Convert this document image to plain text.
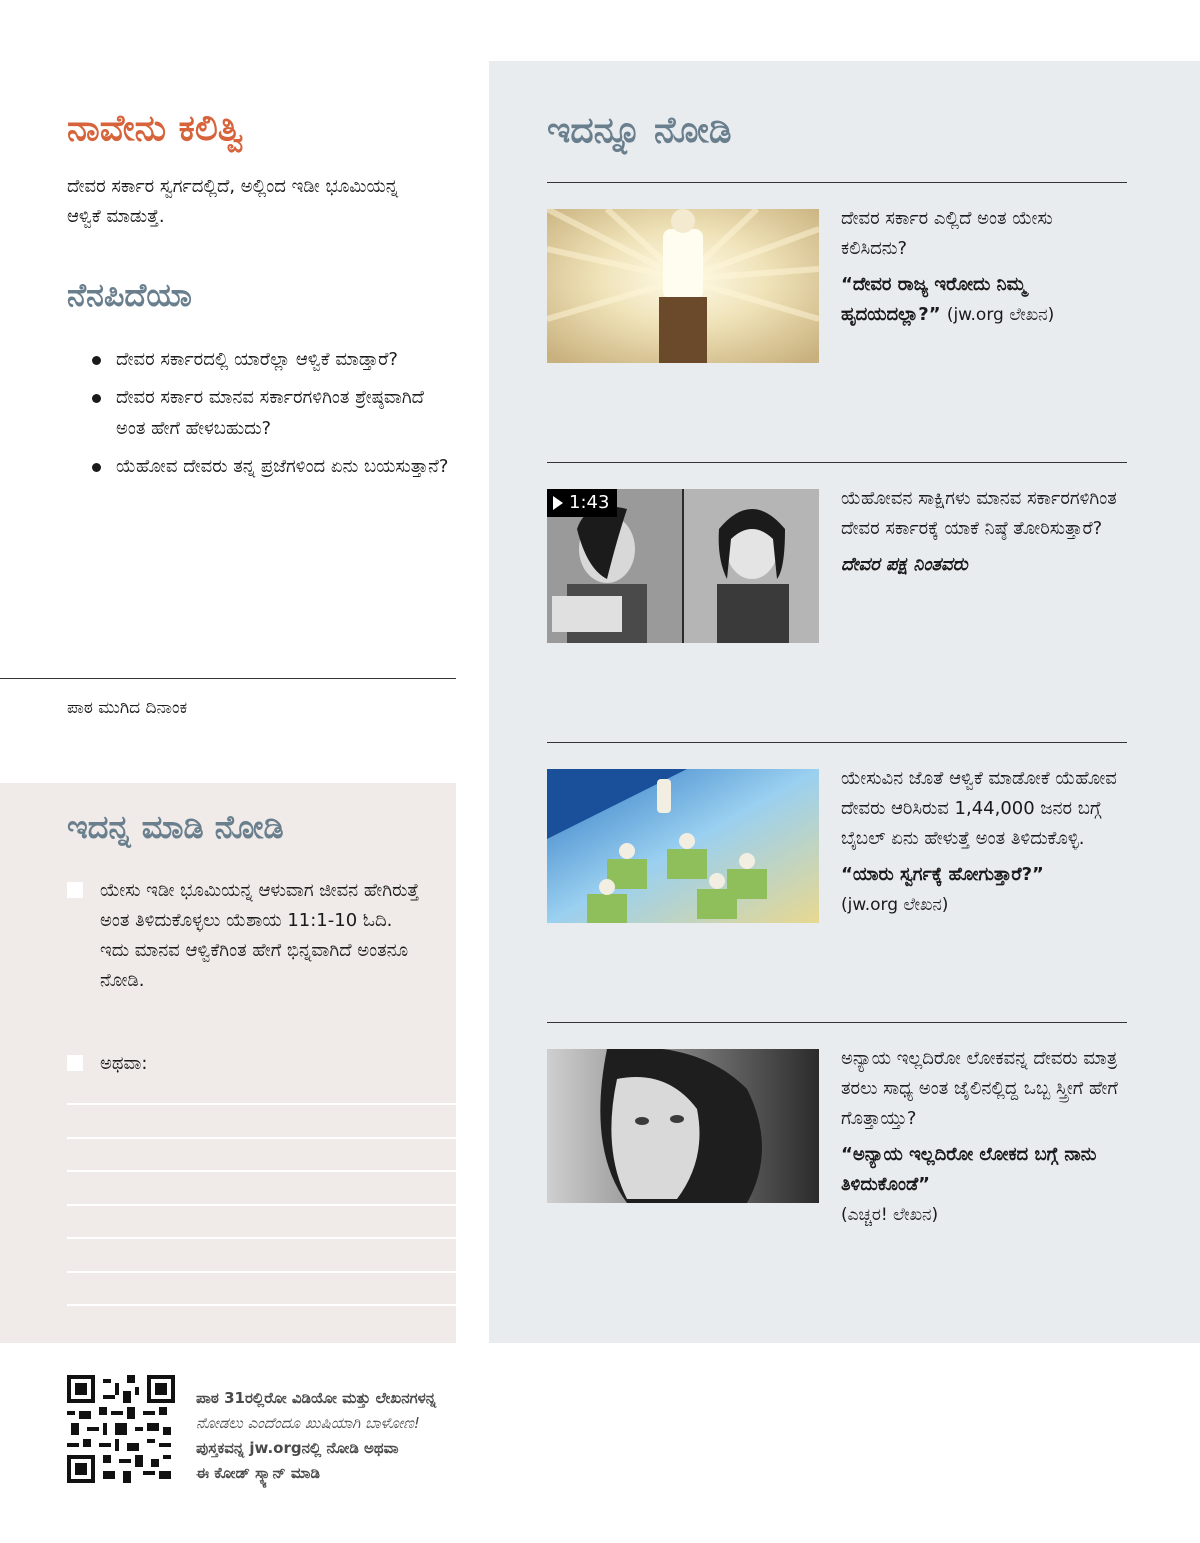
ನಾವೇನು ಕಲಿತ್ವಿ

ದೇವರ ಸರ್ಕಾರ ಸ್ವರ್ಗದಲ್ಲಿದೆ, ಅಲ್ಲಿಂದ ಇಡೀ ಭೂಮಿಯನ್ನ ಆಳ್ವಿಕೆ ಮಾಡುತ್ತೆ.

ನೆನಪಿದೆಯಾ
ದೇವರ ಸರ್ಕಾರದಲ್ಲಿ ಯಾರೆಲ್ಲಾ ಆಳ್ವಿಕೆ ಮಾಡ್ತಾರೆ?
ದೇವರ ಸರ್ಕಾರ ಮಾನವ ಸರ್ಕಾರಗಳಿಗಿಂತ ಶ್ರೇಷ್ಠವಾಗಿದೆ ಅಂತ ಹೇಗೆ ಹೇಳಬಹುದು?
ಯೆಹೋವ ದೇವರು ತನ್ನ ಪ್ರಜೆಗಳಿಂದ ಏನು ಬಯಸುತ್ತಾನೆ?
ಪಾಠ ಮುಗಿದ ದಿನಾಂಕ
ಇದನ್ನ ಮಾಡಿ ನೋಡಿ
ಯೇಸು ಇಡೀ ಭೂಮಿಯನ್ನ ಆಳುವಾಗ ಜೀವನ ಹೇಗಿರುತ್ತೆ ಅಂತ ತಿಳಿದುಕೊಳ್ಳಲು ಯೆಶಾಯ 11:1-10 ಓದಿ. ಇದು ಮಾನವ ಆಳ್ವಿಕೆಗಿಂತ ಹೇಗೆ ಭಿನ್ನವಾಗಿದೆ ಅಂತನೂ ನೋಡಿ.
ಅಥವಾ:
ಇದನ್ನೂ ನೋಡಿ

ದೇವರ ಸರ್ಕಾರ ಎಲ್ಲಿದೆ ಅಂತ ಯೇಸು ಕಲಿಸಿದನು?

“ದೇವರ ರಾಜ್ಯ ಇರೋದು ನಿಮ್ಮ ಹೃದಯದಲ್ಲಾ?” (jw.org ಲೇಖನ)

1:43	ಯೆಹೋವನ ಸಾಕ್ಷಿಗಳು ಮಾನವ ಸರ್ಕಾರಗಳಿಗಿಂತ ದೇವರ ಸರ್ಕಾರಕ್ಕೆ ಯಾಕೆ ನಿಷ್ಠೆ ತೋರಿಸುತ್ತಾರೆ?

ದೇವರ ಪಕ್ಷ ನಿಂತವರು

ಯೇಸುವಿನ ಜೊತೆ ಆಳ್ವಿಕೆ ಮಾಡೋಕೆ ಯೆಹೋವ ದೇವರು ಆರಿಸಿರುವ 1,44,000 ಜನರ ಬಗ್ಗೆ ಬೈಬಲ್ ಏನು ಹೇಳುತ್ತೆ ಅಂತ ತಿಳಿದುಕೊಳ್ಳಿ.

“ಯಾರು ಸ್ವರ್ಗಕ್ಕೆ ಹೋಗುತ್ತಾರೆ?”
(jw.org ಲೇಖನ)

ಅನ್ಯಾಯ ಇಲ್ಲದಿರೋ ಲೋಕವನ್ನ ದೇವರು ಮಾತ್ರ ತರಲು ಸಾಧ್ಯ ಅಂತ ಜೈಲಿನಲ್ಲಿದ್ದ ಒಬ್ಬ ಸ್ತ್ರೀಗೆ ಹೇಗೆ ಗೊತ್ತಾಯ್ತು?

“ಅನ್ಯಾಯ ಇಲ್ಲದಿರೋ ಲೋಕದ ಬಗ್ಗೆ ನಾನು ತಿಳಿದುಕೊಂಡೆ”
(ಎಚ್ಚರ! ಲೇಖನ)

ಪಾಠ 31ರಲ್ಲಿರೋ ವಿಡಿಯೋ ಮತ್ತು ಲೇಖನಗಳನ್ನ
ನೋಡಲು ಎಂದೆಂದೂ ಖುಷಿಯಾಗಿ ಬಾಳೋಣ!
ಪುಸ್ತಕವನ್ನ jw.orgನಲ್ಲಿ ನೋಡಿ ಅಥವಾ
ಈ ಕೋಡ್ ಸ್ಕ್ಯಾನ್ ಮಾಡಿ
